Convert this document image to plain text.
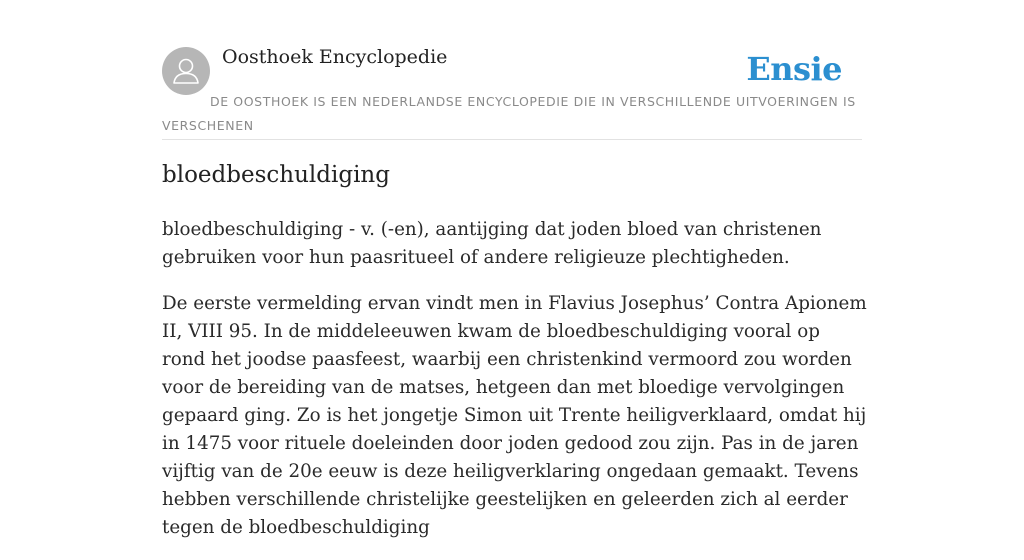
Oosthoek Encyclopedie	Ensie
DE OOSTHOEK IS EEN NEDERLANDSE ENCYCLOPEDIE DIE IN VERSCHILLENDE UITVOERINGEN IS VERSCHENEN
bloedbeschuldiging

bloedbeschuldiging - v. (-en), aantijging dat joden bloed van christenen gebruiken voor hun paasritueel of andere religieuze plechtigheden.

De eerste vermelding ervan vindt men in Flavius Josephus’ Contra Apionem II, VIII 95. In de middeleeuwen kwam de bloedbeschuldiging vooral op rond het joodse paasfeest, waarbij een christenkind vermoord zou worden voor de bereiding van de matses, hetgeen dan met bloedige vervolgingen gepaard ging. Zo is het jongetje Simon uit Trente heiligverklaard, omdat hij in 1475 voor rituele doeleinden door joden gedood zou zijn. Pas in de jaren vijftig van de 20e eeuw is deze heiligverklaring ongedaan gemaakt. Tevens hebben verschillende christelijke geestelijken en geleerden zich al eerder tegen de bloedbeschuldiging
